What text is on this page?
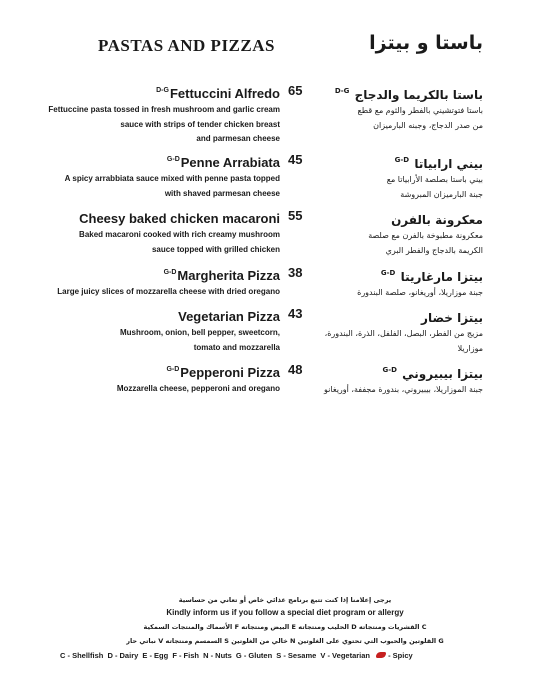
PASTAS AND PIZZAS	باستا و بيتزا
$^{D-G}$Fettuccini Alfredo
Fettuccine pasta tossed in fresh mushroom and garlic cream
sauce with strips of tender chicken breast
and parmesan cheese
65	باستا بالكريما والدجاج $^{D-G}$
باستا فتوتشيني بالفطر والثوم مع قطع
من صدر الدجاج، وجبنه البارميزان
$^{G-D}$Penne Arrabiata
A spicy arrabbiata sauce mixed with penne pasta topped
with shaved parmesan cheese
45	بيني ارابياتا $^{G-D}$
بيني باستا بصلصة الأرابياتا مع
جبنة البارميزان المبروشة
Cheesy baked chicken macaroni
Baked macaroni cooked with rich creamy mushroom
sauce topped with grilled chicken
55	معكرونة بالفرن
معكرونة مطبوخة بالفرن مع صلصة
الكريمة بالدجاج والفطر البري
$^{G-D}$Margherita Pizza
Large juicy slices of mozzarella cheese with dried oregano
38	بيتزا مارغاريتا $^{G-D}$
جبنة موزاريلا، أوريغانو، صلصة البندورة
Vegetarian Pizza
Mushroom, onion, bell pepper, sweetcorn,
tomato and mozzarella
43	بيتزا خضار
مزيج من الفطر، البصل، الفلفل، الذرة، البندورة، موزاريلا
$^{G-D}$Pepperoni Pizza
Mozzarella cheese, pepperoni and oregano
48	بيتزا بيبيروني $^{G-D}$
جبنة الموزاريلا، بيبيروني، بندورة مجففة، أوريغانو
يرجى إعلامنا إذا كنت تتبع برنامج غذائي خاص أو تعاني من حساسية
Kindly inform us if you follow a special diet program or allergy
C القشريات ومنتجاته D الحليب ومنتجاته E البيض ومنتجاته F الأسماك والمنتجات السمكية
G القلوتين والحبوب التي تحتوي على الغلوتين N خالي من الغلوتين S السمسم ومنتجاته V نباتي حار
C - Shellfish D - Dairy E - Egg F - Fish N - Nuts G - Gluten S - Sesame V - Vegetarian - Spicy
